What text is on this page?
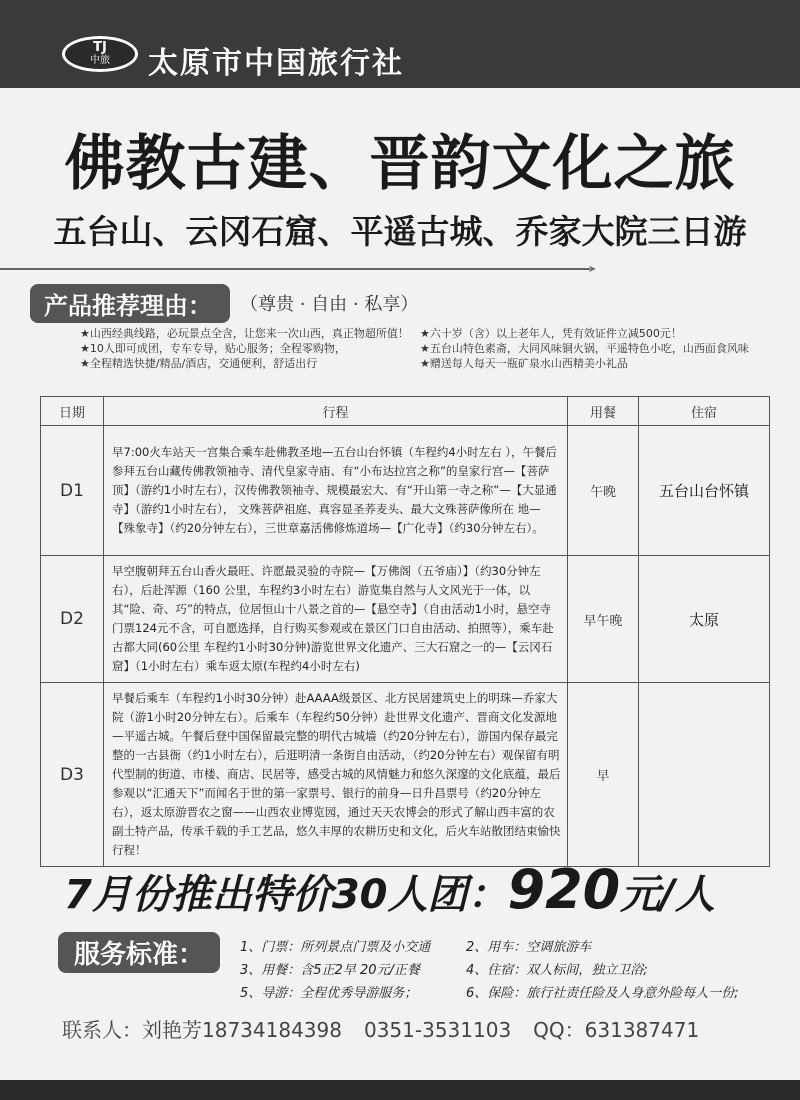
TJ
中旅	太原市中国旅行社
佛教古建、晋韵文化之旅
五台山、云冈石窟、平遥古城、乔家大院三日游
➤
产品推荐理由：	（尊贵 · 自由 · 私享）
★山西经典线路，必玩景点全含，让您来一次山西，真正物超所值！
★10人即可成团，专车专导，贴心服务；全程零购物，
★全程精选快捷/精品/酒店，交通便利，舒适出行
★六十岁（含）以上老年人，凭有效证件立减500元！
★五台山特色素斋，大同风味铜火锅，平遥特色小吃，山西面食风味
★赠送每人每天一瓶矿泉水山西精美小礼品
日期	行程	用餐	住宿
D1	早7:00火车站天一宫集合乘车赴佛教圣地—五台山台怀镇（车程约4小时左右 ），午餐后参拜五台山藏传佛教领袖寺、清代皇家寺庙、有“小布达拉宫之称”的皇家行宫—【菩萨顶】（游约1小时左右），汉传佛教领袖寺、规模最宏大、有“开山第一寺之称”—【大显通寺】（游约1小时左右）， 文殊菩萨祖庭、真容显圣荞麦头、最大文殊菩萨像所在 地—【殊象寺】（约20分钟左右），三世章嘉活佛修炼道场—【广化寺】（约30分钟左右）。	午晚	五台山台怀镇
D2	早空腹朝拜五台山香火最旺、许愿最灵验的寺院—【万佛阁（五爷庙）】（约30分钟左右），后赴浑源（160 公里，车程约3小时左右）游览集自然与人文风光于一体，以其“险、奇、巧”的特点，位居恒山十八景之首的—【悬空寺】（自由活动1小时，悬空寺门票124元不含，可自愿选择，自行购买参观或在景区门口自由活动、拍照等），乘车赴古都大同(60公里 车程约1小时30分钟)游览世界文化遗产、三大石窟之一的—【云冈石窟】（1小时左右）乘车返太原(车程约4小时左右)	早午晚	太原
D3	早餐后乘车（车程约1小时30分钟）赴AAAA级景区、北方民居建筑史上的明珠—乔家大院（游1小时20分钟左右）。后乘车（车程约50分钟）赴世界文化遗产、晋商文化发源地—平遥古城。午餐后登中国保留最完整的明代古城墙（约20分钟左右），游国内保存最完整的一古县衙（约1小时左右），后逛明清一条街自由活动，（约20分钟左右）观保留有明代型制的街道、市楼、商店、民居等，感受古城的风情魅力和悠久深邃的文化底蕴，最后参观以“汇通天下”而闻名于世的第一家票号、银行的前身—日升昌票号（约20分钟左右），返太原游晋农之窗——山西农业博览园，通过天天农博会的形式了解山西丰富的农副土特产品，传承千载的手工艺品，悠久丰厚的农耕历史和文化，后火车站散团结束愉快行程！	早	
7月份推出特价30人团：920元/人
服务标准：	1、门票：所列景点门票及小交通	2、用车：空调旅游车
3、用餐：含5正2早 20元/正餐	4、住宿：双人标间，独立卫浴;
5、导游：全程优秀导游服务；	6、保险：旅行社责任险及人身意外险每人一份;
联系人：刘艳芳18734184398 0351-3531103 QQ：631387471
